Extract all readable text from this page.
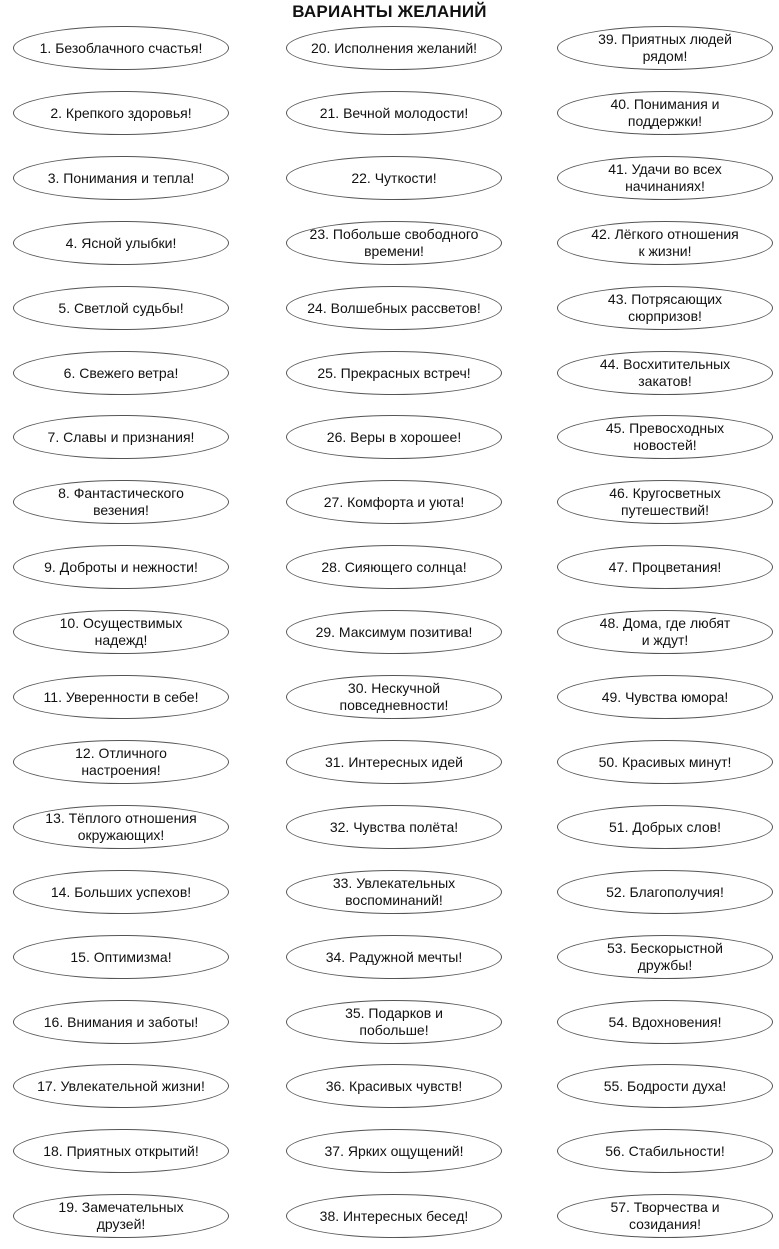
ВАРИАНТЫ ЖЕЛАНИЙ
1. Безоблачного счастья!
2. Крепкого здоровья!
3. Понимания и тепла!
4. Ясной улыбки!
5. Светлой судьбы!
6. Свежего ветра!
7. Славы и признания!
8. Фантастического
везения!
9. Доброты и нежности!
10. Осуществимых
надежд!
11. Уверенности в себе!
12. Отличного
настроения!
13. Тёплого отношения
окружающих!
14. Больших успехов!
15. Оптимизма!
16. Внимания и заботы!
17. Увлекательной жизни!
18. Приятных открытий!
19. Замечательных
друзей!
20. Исполнения желаний!
21. Вечной молодости!
22. Чуткости!
23. Побольше свободного
времени!
24. Волшебных рассветов!
25. Прекрасных встреч!
26. Веры в хорошее!
27. Комфорта и уюта!
28. Сияющего солнца!
29. Максимум позитива!
30. Нескучной
повседневности!
31. Интересных идей
32. Чувства полёта!
33. Увлекательных
воспоминаний!
34. Радужной мечты!
35. Подарков и
побольше!
36. Красивых чувств!
37. Ярких ощущений!
38. Интересных бесед!
39. Приятных людей
рядом!
40. Понимания и
поддержки!
41. Удачи во всех
начинаниях!
42. Лёгкого отношения
к жизни!
43. Потрясающих
сюрпризов!
44. Восхитительных
закатов!
45. Превосходных
новостей!
46. Кругосветных
путешествий!
47. Процветания!
48. Дома, где любят
и ждут!
49. Чувства юмора!
50. Красивых минут!
51. Добрых слов!
52. Благополучия!
53. Бескорыстной
дружбы!
54. Вдохновения!
55. Бодрости духа!
56. Стабильности!
57. Творчества и
созидания!
